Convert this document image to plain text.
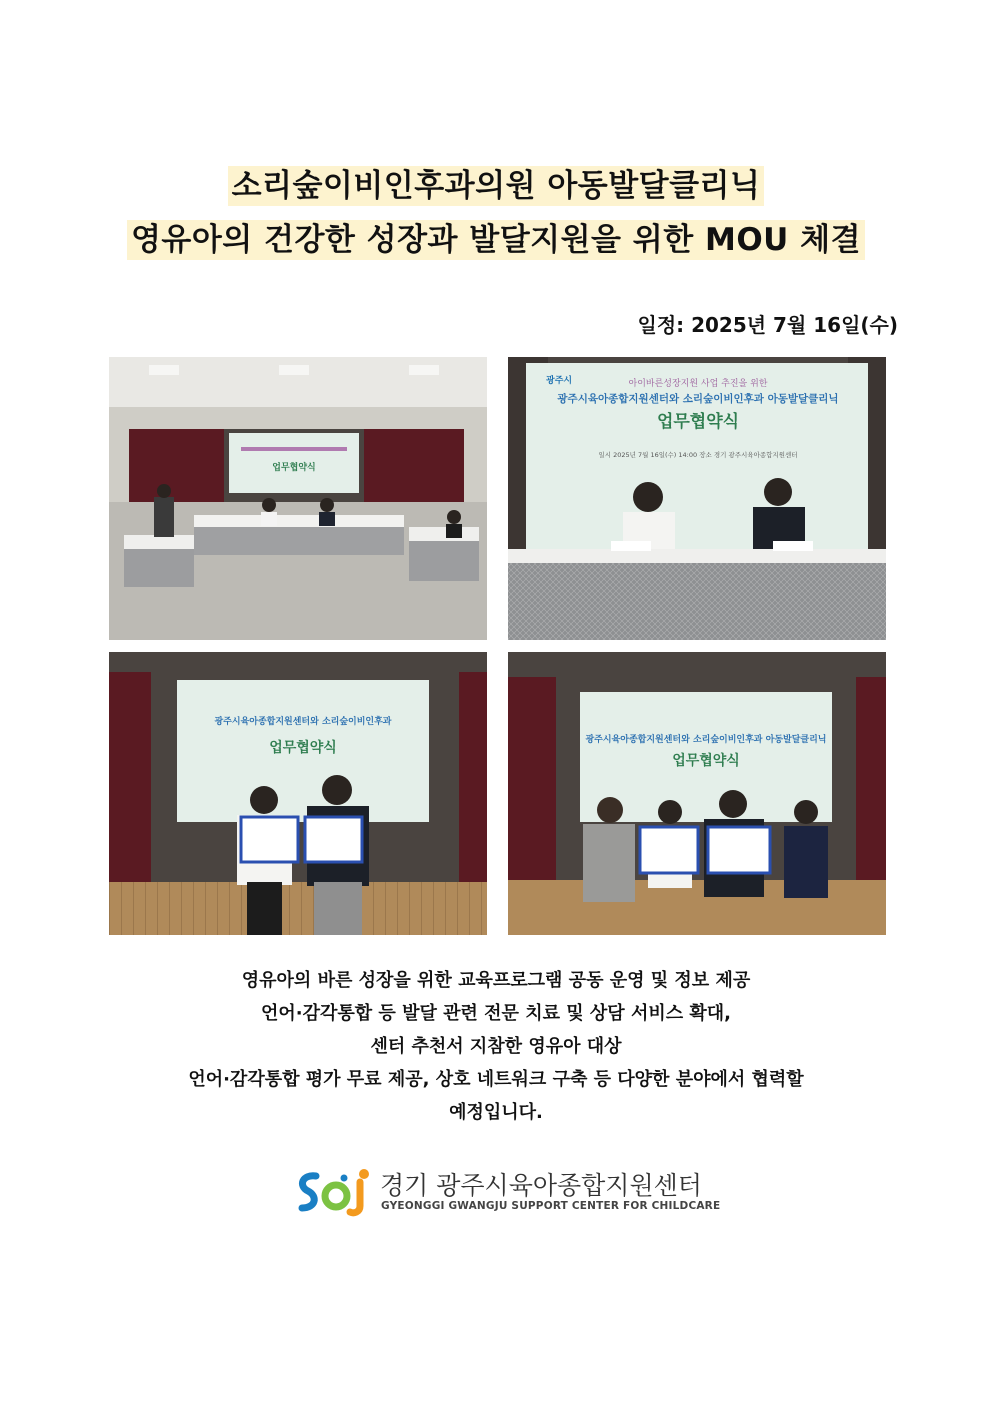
소리숲이비인후과의원 아동발달클리닉
영유아의 건강한 성장과 발달지원을 위한 MOU 체결
일정: 2025년 7월 16일(수)
업무협약식
광주시	아이바른성장지원 사업 추진을 위한
광주시육아종합지원센터와 소리숲이비인후과 아동발달클리닉
업무협약식
일시 2025년 7월 16일(수) 14:00 장소 경기 광주시육아종합지원센터
광주시육아종합지원센터와 소리숲이비인후과
업무협약식	광주시육아종합지원센터와 소리숲이비인후과 아동발달클리닉
업무협약식
영유아의 바른 성장을 위한 교육프로그램 공동 운영 및 정보 제공
언어·감각통합 등 발달 관련 전문 치료 및 상담 서비스 확대,
센터 추천서 지참한 영유아 대상
언어·감각통합 평가 무료 제공, 상호 네트워크 구축 등 다양한 분야에서 협력할
예정입니다.
경기 광주시육아종합지원센터
GYEONGGI GWANGJU SUPPORT CENTER FOR CHILDCARE
